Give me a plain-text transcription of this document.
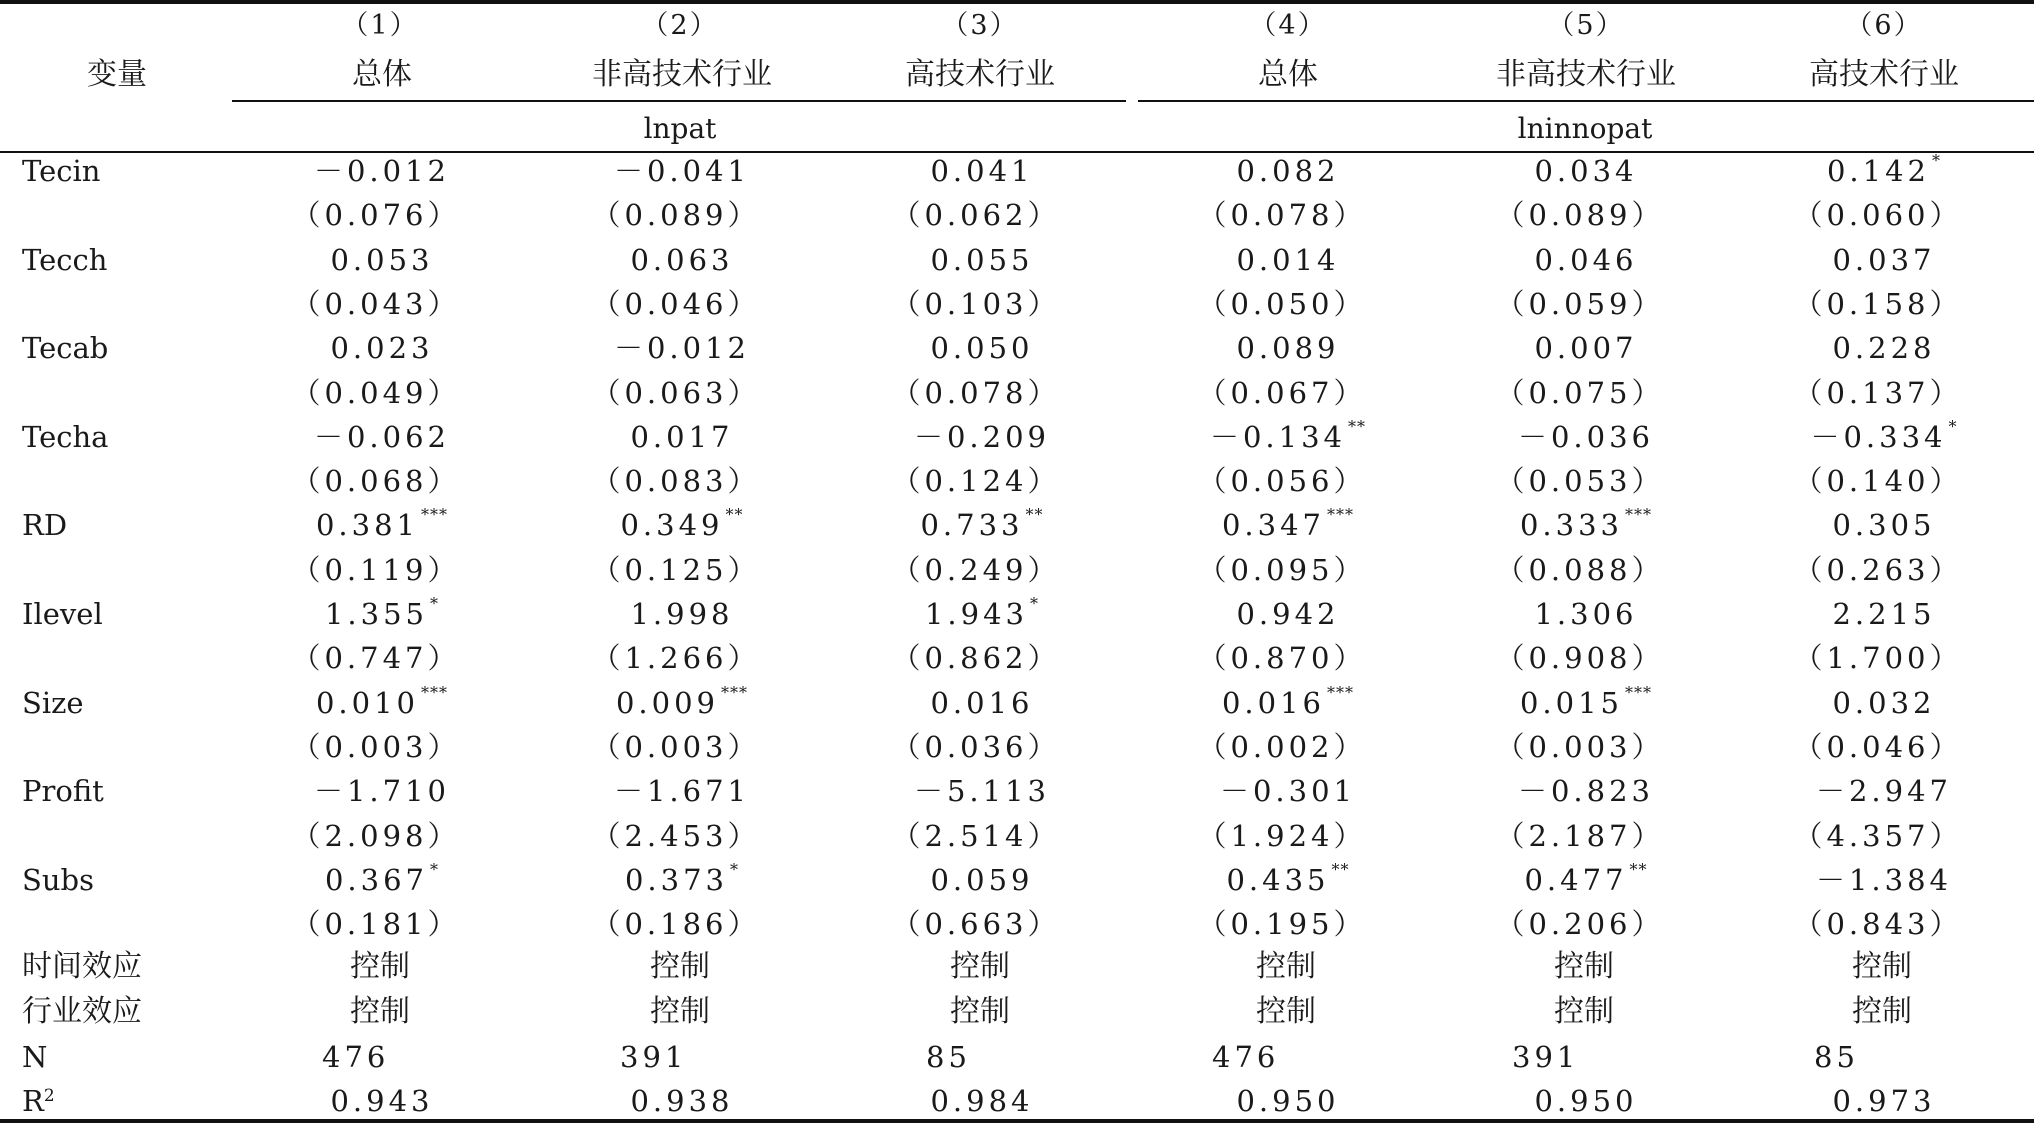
变量
（1）	（2）	（3）	（4）	（5）	（6）
总体	非高技术行业	高技术行业	总体	非高技术行业	高技术行业
lnpat	lninnopat
Tecin	－0.012	－0.041	0.041	0.082	0.034	0.142 *
（0.076）	（0.089）	（0.062）	（0.078）	（0.089）	（0.060）
Tecch	0.053	0.063	0.055	0.014	0.046	0.037
（0.043）	（0.046）	（0.103）	（0.050）	（0.059）	（0.158）
Tecab	0.023	－0.012	0.050	0.089	0.007	0.228
（0.049）	（0.063）	（0.078）	（0.067）	（0.075）	（0.137）
Techa	－0.062	0.017	－0.209	－0.134 **	－0.036	－0.334 *
（0.068）	（0.083）	（0.124）	（0.056）	（0.053）	（0.140）
RD	0.381 ***	0.349 **	0.733 **	0.347 ***	0.333 ***	0.305
（0.119）	（0.125）	（0.249）	（0.095）	（0.088）	（0.263）
Ilevel	1.355 *	1.998	1.943 *	0.942	1.306	2.215
（0.747）	（1.266）	（0.862）	（0.870）	（0.908）	（1.700）
Size	0.010 ***	0.009 ***	0.016	0.016 ***	0.015 ***	0.032
（0.003）	（0.003）	（0.036）	（0.002）	（0.003）	（0.046）
Profit	－1.710	－1.671	－5.113	－0.301	－0.823	－2.947
（2.098）	（2.453）	（2.514）	（1.924）	（2.187）	（4.357）
Subs	0.367 *	0.373 *	0.059	0.435 **	0.477 **	－1.384
（0.181）	（0.186）	（0.663）	（0.195）	（0.206）	（0.843）
时间效应	控制	控制	控制	控制	控制	控制
行业效应	控制	控制	控制	控制	控制	控制
N	476	391	85	476	391	85
$R^2$	0.943	0.938	0.984	0.950	0.950	0.973
